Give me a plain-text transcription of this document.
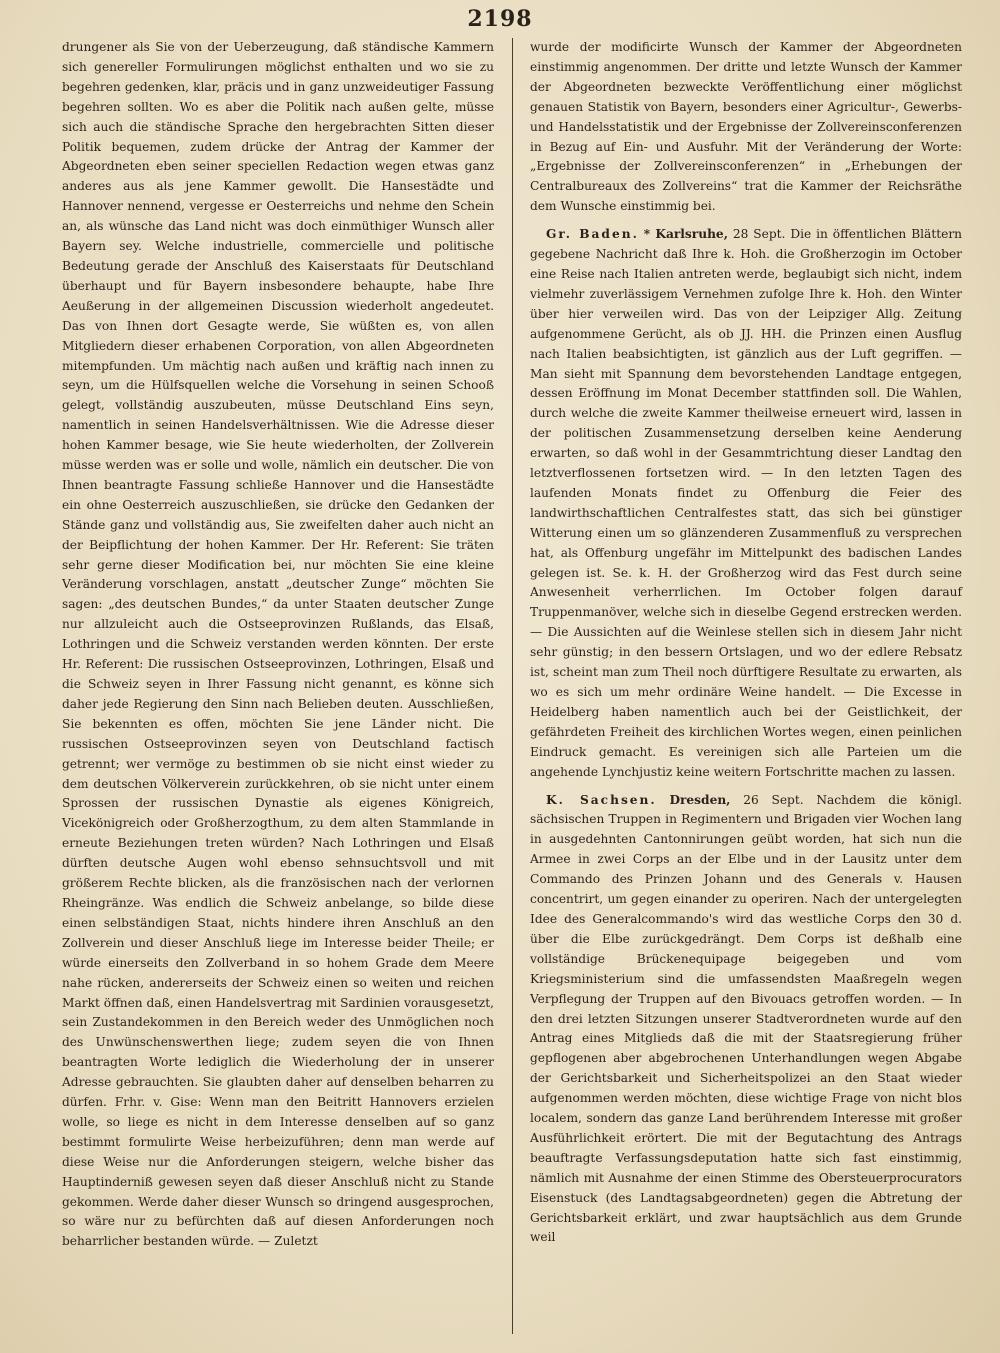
2198

drungener als Sie von der Ueberzeugung, daß ständische Kammern sich genereller Formulirungen möglichst enthalten und wo sie zu begehren gedenken, klar, präcis und in ganz unzweideutiger Fassung begehren sollten. Wo es aber die Politik nach außen gelte, müsse sich auch die ständische Sprache den hergebrachten Sitten dieser Politik bequemen, zudem drücke der Antrag der Kammer der Abgeordneten eben seiner speciellen Redaction wegen etwas ganz anderes aus als jene Kammer gewollt. Die Hansestädte und Hannover nennend, vergesse er Oesterreichs und nehme den Schein an, als wünsche das Land nicht was doch einmüthiger Wunsch aller Bayern sey. Welche industrielle, commercielle und politische Bedeutung gerade der Anschluß des Kaiserstaats für Deutschland überhaupt und für Bayern insbesondere behaupte, habe Ihre Aeußerung in der allgemeinen Discussion wiederholt angedeutet. Das von Ihnen dort Gesagte werde, Sie wüßten es, von allen Mitgliedern dieser erhabenen Corporation, von allen Abgeordneten mitempfunden. Um mächtig nach außen und kräftig nach innen zu seyn, um die Hülfsquellen welche die Vorsehung in seinen Schooß gelegt, vollständig auszubeuten, müsse Deutschland Eins seyn, namentlich in seinen Handelsverhältnissen. Wie die Adresse dieser hohen Kammer besage, wie Sie heute wiederholten, der Zollverein müsse werden was er solle und wolle, nämlich ein deutscher. Die von Ihnen beantragte Fassung schließe Hannover und die Hansestädte ein ohne Oesterreich auszuschließen, sie drücke den Gedanken der Stände ganz und vollständig aus, Sie zweifelten daher auch nicht an der Beipflichtung der hohen Kammer. Der Hr. Referent: Sie träten sehr gerne dieser Modification bei, nur möchten Sie eine kleine Veränderung vorschlagen, anstatt „deutscher Zunge“ möchten Sie sagen: „des deutschen Bundes,“ da unter Staaten deutscher Zunge nur allzuleicht auch die Ostseeprovinzen Rußlands, das Elsaß, Lothringen und die Schweiz verstanden werden könnten. Der erste Hr. Referent: Die russischen Ostseeprovinzen, Lothringen, Elsaß und die Schweiz seyen in Ihrer Fassung nicht genannt, es könne sich daher jede Regierung den Sinn nach Belieben deuten. Ausschließen, Sie bekennten es offen, möchten Sie jene Länder nicht. Die russischen Ostseeprovinzen seyen von Deutschland factisch getrennt; wer vermöge zu bestimmen ob sie nicht einst wieder zu dem deutschen Völkerverein zurückkehren, ob sie nicht unter einem Sprossen der russischen Dynastie als eigenes Königreich, Vicekönigreich oder Großherzogthum, zu dem alten Stammlande in erneute Beziehungen treten würden? Nach Lothringen und Elsaß dürften deutsche Augen wohl ebenso sehnsuchtsvoll und mit größerem Rechte blicken, als die französischen nach der verlornen Rheingränze. Was endlich die Schweiz anbelange, so bilde diese einen selbständigen Staat, nichts hindere ihren Anschluß an den Zollverein und dieser Anschluß liege im Interesse beider Theile; er würde einerseits den Zollverband in so hohem Grade dem Meere nahe rücken, andererseits der Schweiz einen so weiten und reichen Markt öffnen daß, einen Handelsvertrag mit Sardinien vorausgesetzt, sein Zustandekommen in den Bereich weder des Unmöglichen noch des Unwünschenswerthen liege; zudem seyen die von Ihnen beantragten Worte lediglich die Wiederholung der in unserer Adresse gebrauchten. Sie glaubten daher auf denselben beharren zu dürfen. Frhr. v. Gise: Wenn man den Beitritt Hannovers erzielen wolle, so liege es nicht in dem Interesse denselben auf so ganz bestimmt formulirte Weise herbeizuführen; denn man werde auf diese Weise nur die Anforderungen steigern, welche bisher das Hauptinderniß gewesen seyen daß dieser Anschluß nicht zu Stande gekommen. Werde daher dieser Wunsch so dringend ausgesprochen, so wäre nur zu befürchten daß auf diesen Anforderungen noch beharrlicher bestanden würde. — Zuletzt

wurde der modificirte Wunsch der Kammer der Abgeordneten einstimmig angenommen. Der dritte und letzte Wunsch der Kammer der Abgeordneten bezweckte Veröffentlichung einer möglichst genauen Statistik von Bayern, besonders einer Agricultur-, Gewerbs- und Handelsstatistik und der Ergebnisse der Zollvereinsconferenzen in Bezug auf Ein- und Ausfuhr. Mit der Veränderung der Worte: „Ergebnisse der Zollvereinsconferenzen“ in „Erhebungen der Centralbureaux des Zollvereins“ trat die Kammer der Reichsräthe dem Wunsche einstimmig bei.

Gr. Baden. * Karlsruhe, 28 Sept. Die in öffentlichen Blättern gegebene Nachricht daß Ihre k. Hoh. die Großherzogin im October eine Reise nach Italien antreten werde, beglaubigt sich nicht, indem vielmehr zuverlässigem Vernehmen zufolge Ihre k. Hoh. den Winter über hier verweilen wird. Das von der Leipziger Allg. Zeitung aufgenommene Gerücht, als ob JJ. HH. die Prinzen einen Ausflug nach Italien beabsichtigten, ist gänzlich aus der Luft gegriffen. — Man sieht mit Spannung dem bevorstehenden Landtage entgegen, dessen Eröffnung im Monat December stattfinden soll. Die Wahlen, durch welche die zweite Kammer theilweise erneuert wird, lassen in der politischen Zusammensetzung derselben keine Aenderung erwarten, so daß wohl in der Gesammtrichtung dieser Landtag den letztverflossenen fortsetzen wird. — In den letzten Tagen des laufenden Monats findet zu Offenburg die Feier des landwirthschaftlichen Centralfestes statt, das sich bei günstiger Witterung einen um so glänzenderen Zusammenfluß zu versprechen hat, als Offenburg ungefähr im Mittelpunkt des badischen Landes gelegen ist. Se. k. H. der Großherzog wird das Fest durch seine Anwesenheit verherrlichen. Im October folgen darauf Truppenmanöver, welche sich in dieselbe Gegend erstrecken werden. — Die Aussichten auf die Weinlese stellen sich in diesem Jahr nicht sehr günstig; in den bessern Ortslagen, und wo der edlere Rebsatz ist, scheint man zum Theil noch dürftigere Resultate zu erwarten, als wo es sich um mehr ordinäre Weine handelt. — Die Excesse in Heidelberg haben namentlich auch bei der Geistlichkeit, der gefährdeten Freiheit des kirchlichen Wortes wegen, einen peinlichen Eindruck gemacht. Es vereinigen sich alle Parteien um die angehende Lynchjustiz keine weitern Fortschritte machen zu lassen.

K. Sachsen. Dresden, 26 Sept. Nachdem die königl. sächsischen Truppen in Regimentern und Brigaden vier Wochen lang in ausgedehnten Cantonnirungen geübt worden, hat sich nun die Armee in zwei Corps an der Elbe und in der Lausitz unter dem Commando des Prinzen Johann und des Generals v. Hausen concentrirt, um gegen einander zu operiren. Nach der untergelegten Idee des Generalcommando's wird das westliche Corps den 30 d. über die Elbe zurückgedrängt. Dem Corps ist deßhalb eine vollständige Brückenequipage beigegeben und vom Kriegsministerium sind die umfassendsten Maaßregeln wegen Verpflegung der Truppen auf den Bivouacs getroffen worden. — In den drei letzten Sitzungen unserer Stadtverordneten wurde auf den Antrag eines Mitglieds daß die mit der Staatsregierung früher gepflogenen aber abgebrochenen Unterhandlungen wegen Abgabe der Gerichtsbarkeit und Sicherheitspolizei an den Staat wieder aufgenommen werden möchten, diese wichtige Frage von nicht blos localem, sondern das ganze Land berührendem Interesse mit großer Ausführlichkeit erörtert. Die mit der Begutachtung des Antrags beauftragte Verfassungsdeputation hatte sich fast einstimmig, nämlich mit Ausnahme der einen Stimme des Obersteuerprocurators Eisenstuck (des Landtagsabgeordneten) gegen die Abtretung der Gerichtsbarkeit erklärt, und zwar hauptsächlich aus dem Grunde weil
